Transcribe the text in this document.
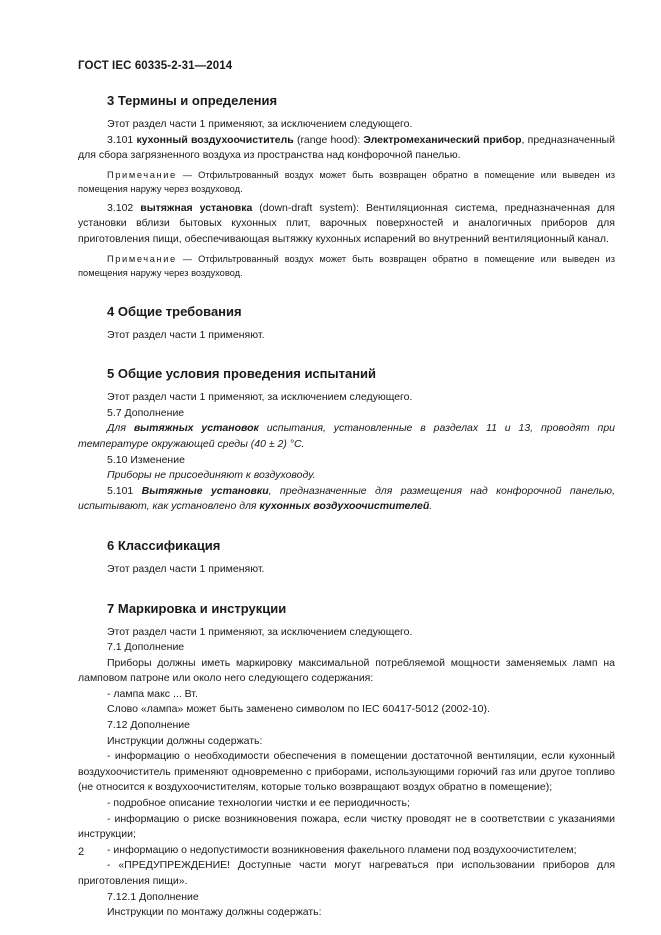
ГОСТ IEC 60335-2-31—2014
3 Термины и определения

Этот раздел части 1 применяют, за исключением следующего.

3.101 кухонный воздухоочиститель (range hood): Электромеханический прибор, предназначенный для сбора загрязненного воздуха из пространства над конфорочной панелью.

Примечание — Отфильтрованный воздух может быть возвращен обратно в помещение или выведен из помещения наружу через воздуховод.

3.102 вытяжная установка (down-draft system): Вентиляционная система, предназначенная для установки вблизи бытовых кухонных плит, варочных поверхностей и аналогичных приборов для приготовления пищи, обеспечивающая вытяжку кухонных испарений во внутренний вентиляционный канал.

Примечание — Отфильтрованный воздух может быть возвращен обратно в помещение или выведен из помещения наружу через воздуховод.

4 Общие требования

Этот раздел части 1 применяют.

5 Общие условия проведения испытаний

Этот раздел части 1 применяют, за исключением следующего.

5.7 Дополнение

Для вытяжных установок испытания, установленные в разделах 11 и 13, проводят при температуре окружающей среды (40 ± 2) °С.

5.10 Изменение

Приборы не присоединяют к воздуховоду.

5.101 Вытяжные установки, предназначенные для размещения над конфорочной панелью, испытывают, как установлено для кухонных воздухоочистителей.

6 Классификация

Этот раздел части 1 применяют.

7 Маркировка и инструкции

Этот раздел части 1 применяют, за исключением следующего.

7.1 Дополнение

Приборы должны иметь маркировку максимальной потребляемой мощности заменяемых ламп на ламповом патроне или около него следующего содержания:

- лампа макс ... Вт.

Слово «лампа» может быть заменено символом по IEC 60417-5012 (2002-10).

7.12 Дополнение

Инструкции должны содержать:

- информацию о необходимости обеспечения в помещении достаточной вентиляции, если кухонный воздухоочиститель применяют одновременно с приборами, использующими горючий газ или другое топливо (не относится к воздухоочистителям, которые только возвращают воздух обратно в помещение);

- подробное описание технологии чистки и ее периодичность;

- информацию о риске возникновения пожара, если чистку проводят не в соответствии с указаниями инструкции;

- информацию о недопустимости возникновения факельного пламени под воздухоочистителем;

- «ПРЕДУПРЕЖДЕНИЕ! Доступные части могут нагреваться при использовании приборов для приготовления пищи».

7.12.1 Дополнение

Инструкции по монтажу должны содержать:

2
